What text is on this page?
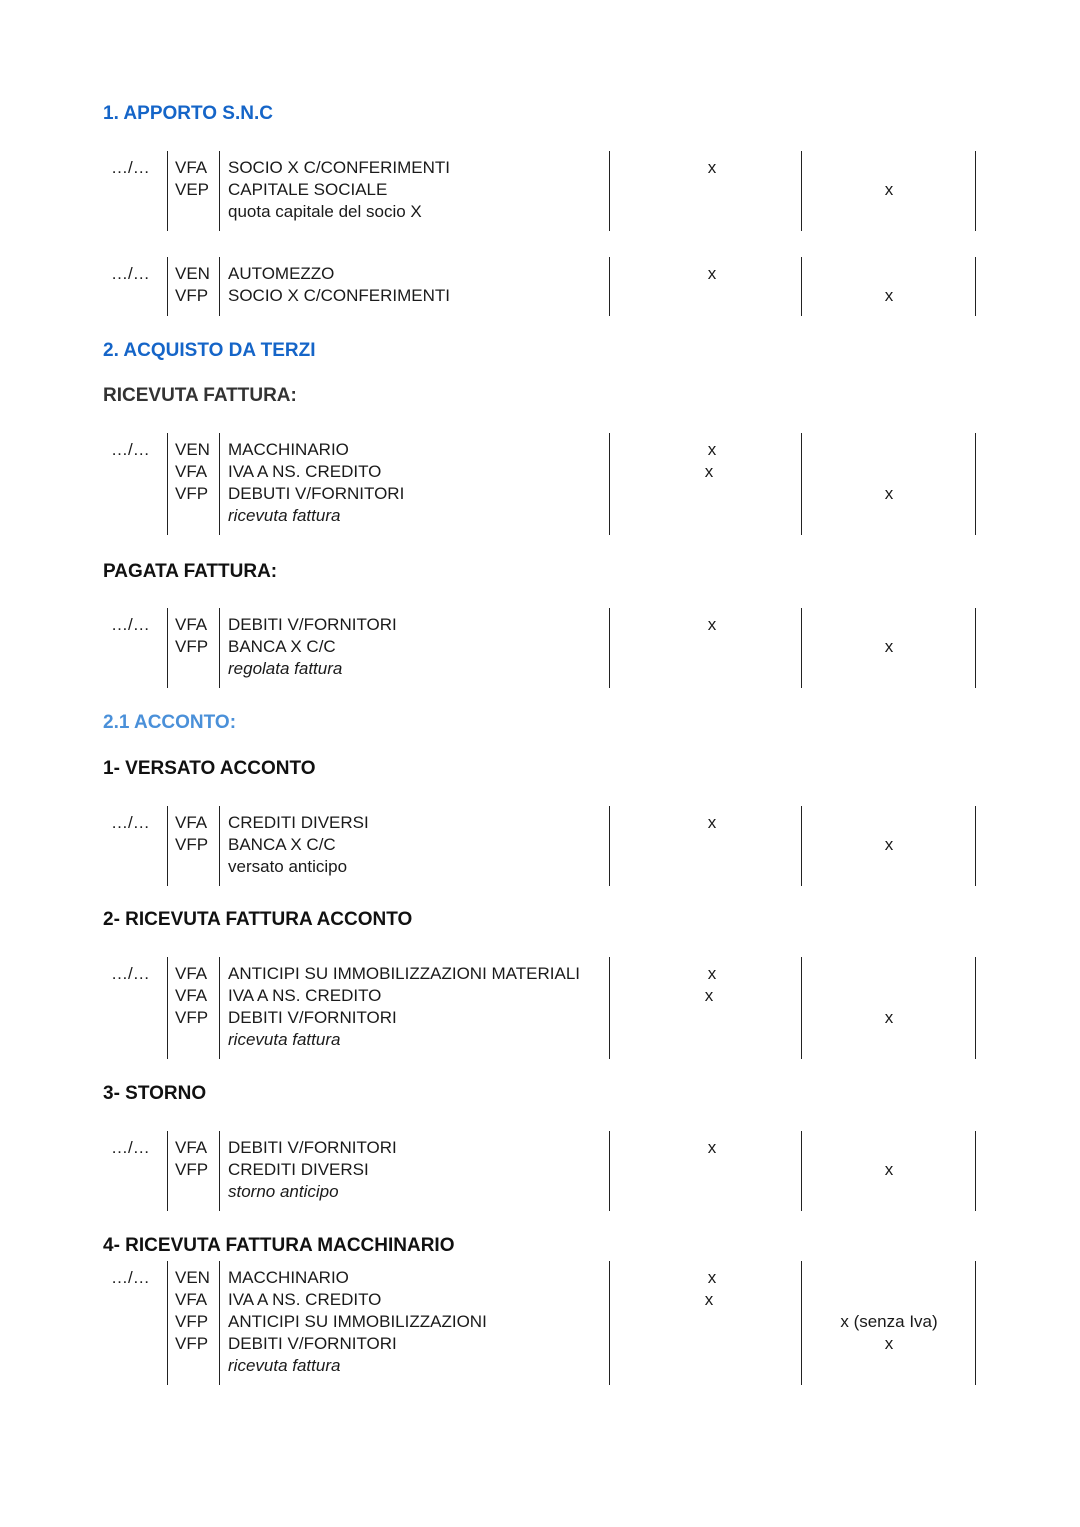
1. APPORTO S.N.C
2. ACQUISTO DA TERZI
RICEVUTA FATTURA:
PAGATA FATTURA:
2.1 ACCONTO:
1- VERSATO ACCONTO
2- RICEVUTA FATTURA ACCONTO
3- STORNO
4- RICEVUTA FATTURA MACCHINARIO
…/… VFA
VEP
SOCIO X C/CONFERIMENTI
CAPITALE SOCIALE
quota capitale del socio X
x
x
…/… VEN
VFP
AUTOMEZZO
SOCIO X C/CONFERIMENTI
x
x
…/… VEN
VFA
VFP
MACCHINARIO
IVA A NS. CREDITO
DEBUTI V/FORNITORI
ricevuta fattura
x
x
x
…/… VFA
VFP
DEBITI V/FORNITORI
BANCA X C/C
regolata fattura
x
x
…/… VFA
VFP
CREDITI DIVERSI
BANCA X C/C
versato anticipo
x
x
…/… VFA
VFA
VFP
ANTICIPI SU IMMOBILIZZAZIONI MATERIALI
IVA A NS. CREDITO
DEBITI V/FORNITORI
ricevuta fattura
x
x
x
…/… VFA
VFP
DEBITI V/FORNITORI
CREDITI DIVERSI
storno anticipo
x
x
…/… VEN
VFA
VFP
VFP
MACCHINARIO
IVA A NS. CREDITO
ANTICIPI SU IMMOBILIZZAZIONI
DEBITI V/FORNITORI
ricevuta fattura
x
x
x (senza Iva)
x
